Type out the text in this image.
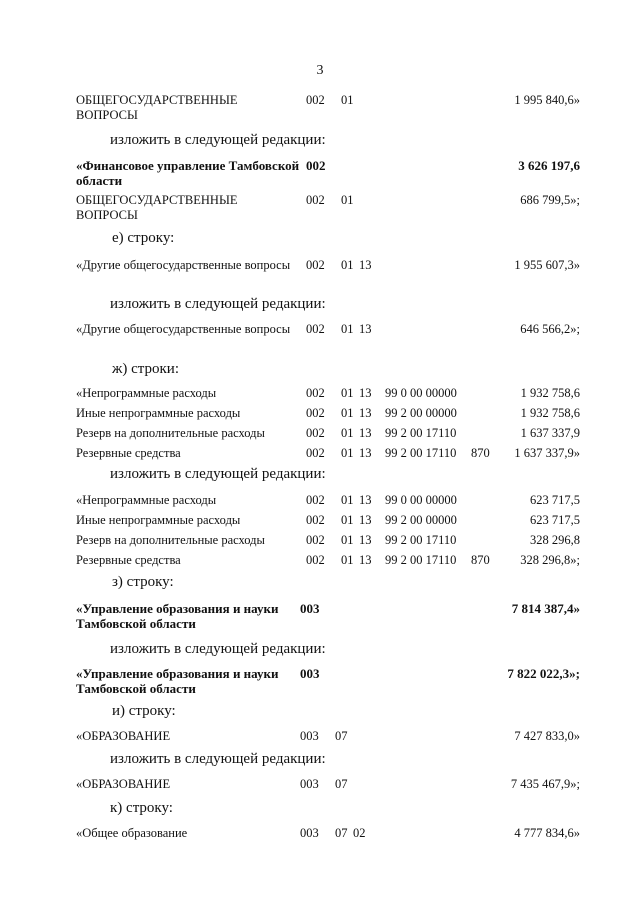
3
ОБЩЕГОСУДАРСТВЕННЫЕ ВОПРОСЫ
002 01	1 995 840,6»
изложить в следующей редакции:
«Финансовое управление Тамбовской области
002	3 626 197,6
ОБЩЕГОСУДАРСТВЕННЫЕ ВОПРОСЫ
002 01	686 799,5»;
е) строку:
«Другие общегосударственные вопросы	002 01 13	1 955 607,3»
изложить в следующей редакции:
«Другие общегосударственные вопросы	002 01 13	646 566,2»;
ж) строки:
«Непрограммные расходы	002 01 13 99 0 00 00000	1 932 758,6
Иные непрограммные расходы	002 01 13 99 2 00 00000	1 932 758,6
Резерв на дополнительные расходы	002 01 13 99 2 00 17110	1 637 337,9
Резервные средства	002 01 13 99 2 00 17110 870	1 637 337,9»
изложить в следующей редакции:
«Непрограммные расходы	002 01 13 99 0 00 00000	623 717,5
Иные непрограммные расходы	002 01 13 99 2 00 00000	623 717,5
Резерв на дополнительные расходы	002 01 13 99 2 00 17110	328 296,8
Резервные средства	002 01 13 99 2 00 17110 870	328 296,8»;
з) строку:
«Управление образования и науки Тамбовской области
003	7 814 387,4»
изложить в следующей редакции:
«Управление образования и науки Тамбовской области
003	7 822 022,3»;
и) строку:
«ОБРАЗОВАНИЕ	003 07	7 427 833,0»
изложить в следующей редакции:
«ОБРАЗОВАНИЕ	003 07	7 435 467,9»;
к) строку:
«Общее образование	003 07 02	4 777 834,6»
